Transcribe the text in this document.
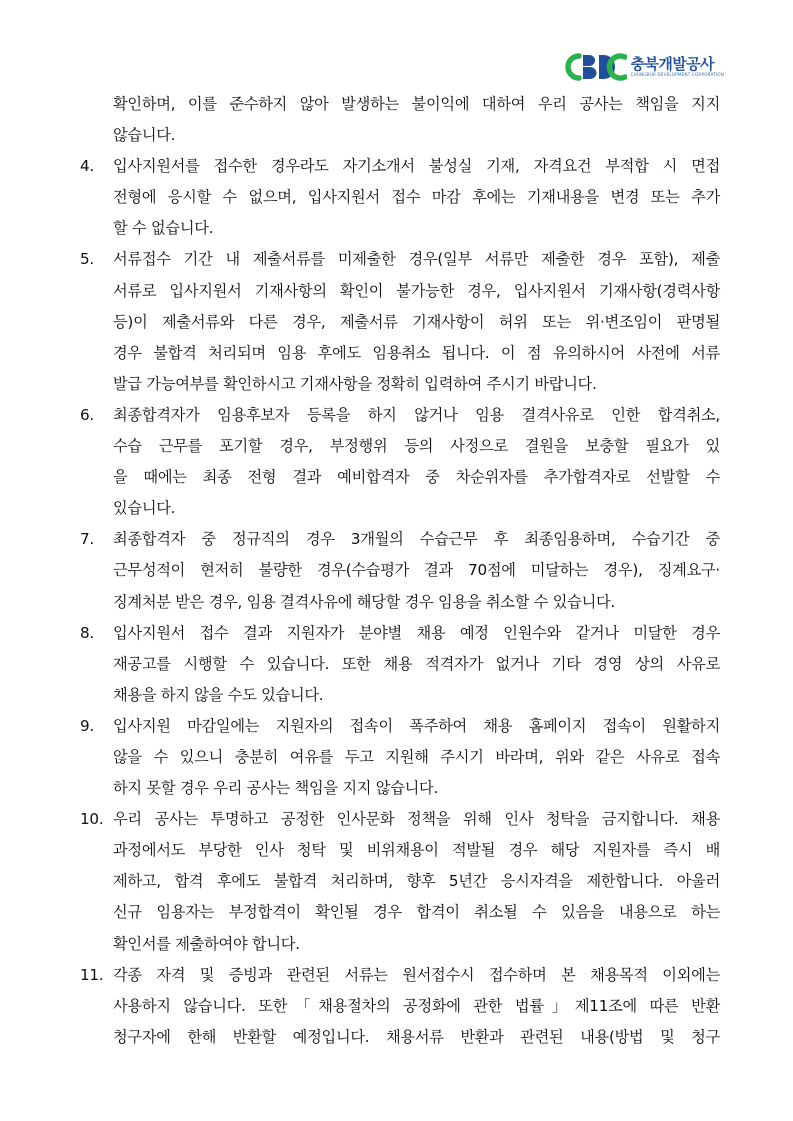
충북개발공사
CHUNGBUK DEVELOPMENT CORPORATION
확인하며, 이를 준수하지 않아 발생하는 불이익에 대하여 우리 공사는 책임을 지지
않습니다.
4.	입사지원서를 접수한 경우라도 자기소개서 불성실 기재, 자격요건 부적합 시 면접
전형에 응시할 수 없으며, 입사지원서 접수 마감 후에는 기재내용을 변경 또는 추가
할 수 없습니다.
5.	서류접수 기간 내 제출서류를 미제출한 경우(일부 서류만 제출한 경우 포함), 제출
서류로 입사지원서 기재사항의 확인이 불가능한 경우, 입사지원서 기재사항(경력사항
등)이 제출서류와 다른 경우, 제출서류 기재사항이 허위 또는 위·변조임이 판명될
경우 불합격 처리되며 임용 후에도 임용취소 됩니다. 이 점 유의하시어 사전에 서류
발급 가능여부를 확인하시고 기재사항을 정확히 입력하여 주시기 바랍니다.
6.	최종합격자가 임용후보자 등록을 하지 않거나 임용 결격사유로 인한 합격취소,
수습 근무를 포기할 경우, 부정행위 등의 사정으로 결원을 보충할 필요가 있
을 때에는 최종 전형 결과 예비합격자 중 차순위자를 추가합격자로 선발할 수
있습니다.
7.	최종합격자 중 정규직의 경우 3개월의 수습근무 후 최종임용하며, 수습기간 중
근무성적이 현저히 불량한 경우(수습평가 결과 70점에 미달하는 경우), 징계요구·
징계처분 받은 경우, 임용 결격사유에 해당할 경우 임용을 취소할 수 있습니다.
8.	입사지원서 접수 결과 지원자가 분야별 채용 예정 인원수와 같거나 미달한 경우
재공고를 시행할 수 있습니다. 또한 채용 적격자가 없거나 기타 경영 상의 사유로
채용을 하지 않을 수도 있습니다.
9.	입사지원 마감일에는 지원자의 접속이 폭주하여 채용 홈페이지 접속이 원활하지
않을 수 있으니 충분히 여유를 두고 지원해 주시기 바라며, 위와 같은 사유로 접속
하지 못할 경우 우리 공사는 책임을 지지 않습니다.
10. 우리 공사는 투명하고 공정한 인사문화 정책을 위해 인사 청탁을 금지합니다. 채용
과정에서도 부당한 인사 청탁 및 비위채용이 적발될 경우 해당 지원자를 즉시 배
제하고, 합격 후에도 불합격 처리하며, 향후 5년간 응시자격을 제한합니다. 아울러
신규 임용자는 부정합격이 확인될 경우 합격이 취소될 수 있음을 내용으로 하는
확인서를 제출하여야 합니다.
11. 각종 자격 및 증빙과 관련된 서류는 원서접수시 접수하며 본 채용목적 이외에는
사용하지 않습니다. 또한「채용절차의 공정화에 관한 법률」제11조에 따른 반환
청구자에 한해 반환할 예정입니다. 채용서류 반환과 관련된 내용(방법 및 청구
